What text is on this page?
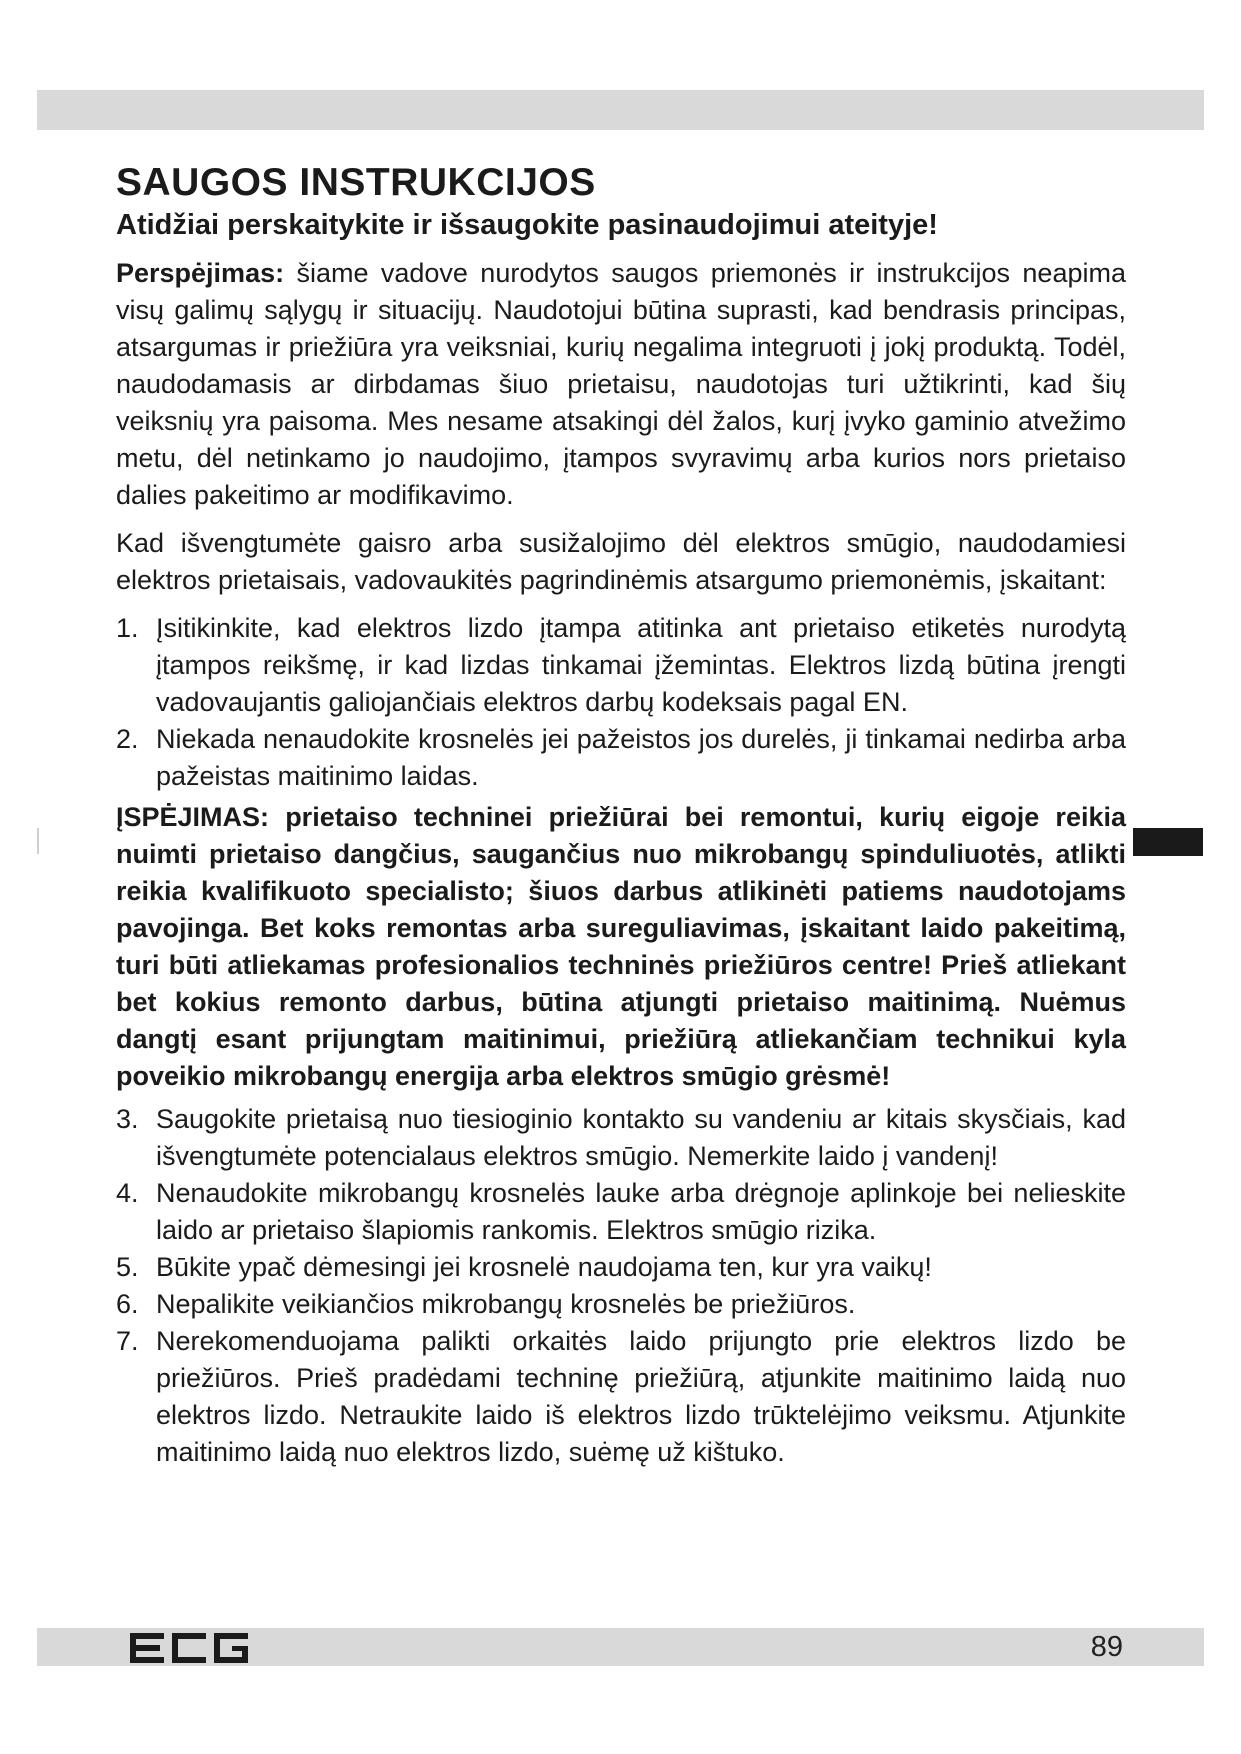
SAUGOS INSTRUKCIJOS
Atidžiai perskaitykite ir išsaugokite pasinaudojimui ateityje!

Perspėjimas: šiame vadove nurodytos saugos priemonės ir instrukcijos neapima visų galimų sąlygų ir situacijų. Naudotojui būtina suprasti, kad bendrasis principas, atsargumas ir priežiūra yra veiksniai, kurių negalima integruoti į jokį produktą. Todėl, naudodamasis ar dirbdamas šiuo prietaisu, naudotojas turi užtikrinti, kad šių veiksnių yra paisoma. Mes nesame atsakingi dėl žalos, kurį įvyko gaminio atvežimo metu, dėl netinkamo jo naudojimo, įtampos svyravimų arba kurios nors prietaiso dalies pakeitimo ar modifikavimo.

Kad išvengtumėte gaisro arba susižalojimo dėl elektros smūgio, naudodamiesi elektros prietaisais, vadovaukitės pagrindinėmis atsargumo priemonėmis, įskaitant:

1. Įsitikinkite, kad elektros lizdo įtampa atitinka ant prietaiso etiketės nurodytą įtampos reikšmę, ir kad lizdas tinkamai įžemintas. Elektros lizdą būtina įrengti vadovaujantis galiojančiais elektros darbų kodeksais pagal EN.
2. Niekada nenaudokite krosnelės jei pažeistos jos durelės, ji tinkamai nedirba arba pažeistas maitinimo laidas.

ĮSPĖJIMAS: prietaiso techninei priežiūrai bei remontui, kurių eigoje reikia nuimti prietaiso dangčius, saugančius nuo mikrobangų spinduliuotės, atlikti reikia kvalifikuoto specialisto; šiuos darbus atlikinėti patiems naudotojams pavojinga. Bet koks remontas arba sureguliavimas, įskaitant laido pakeitimą, turi būti atliekamas profesionalios techninės priežiūros centre! Prieš atliekant bet kokius remonto darbus, būtina atjungti prietaiso maitinimą. Nuėmus dangtį esant prijungtam maitinimui, priežiūrą atliekančiam technikui kyla poveikio mikrobangų energija arba elektros smūgio grėsmė!

3. Saugokite prietaisą nuo tiesioginio kontakto su vandeniu ar kitais skysčiais, kad išvengtumėte potencialaus elektros smūgio. Nemerkite laido į vandenį!
4. Nenaudokite mikrobangų krosnelės lauke arba drėgnoje aplinkoje bei nelieskite laido ar prietaiso šlapiomis rankomis. Elektros smūgio rizika.
5. Būkite ypač dėmesingi jei krosnelė naudojama ten, kur yra vaikų!
6. Nepalikite veikiančios mikrobangų krosnelės be priežiūros.
7. Nerekomenduojama palikti orkaitės laido prijungto prie elektros lizdo be priežiūros. Prieš pradėdami techninę priežiūrą, atjunkite maitinimo laidą nuo elektros lizdo. Netraukite laido iš elektros lizdo trūktelėjimo veiksmu. Atjunkite maitinimo laidą nuo elektros lizdo, suėmę už kištuko.
89
